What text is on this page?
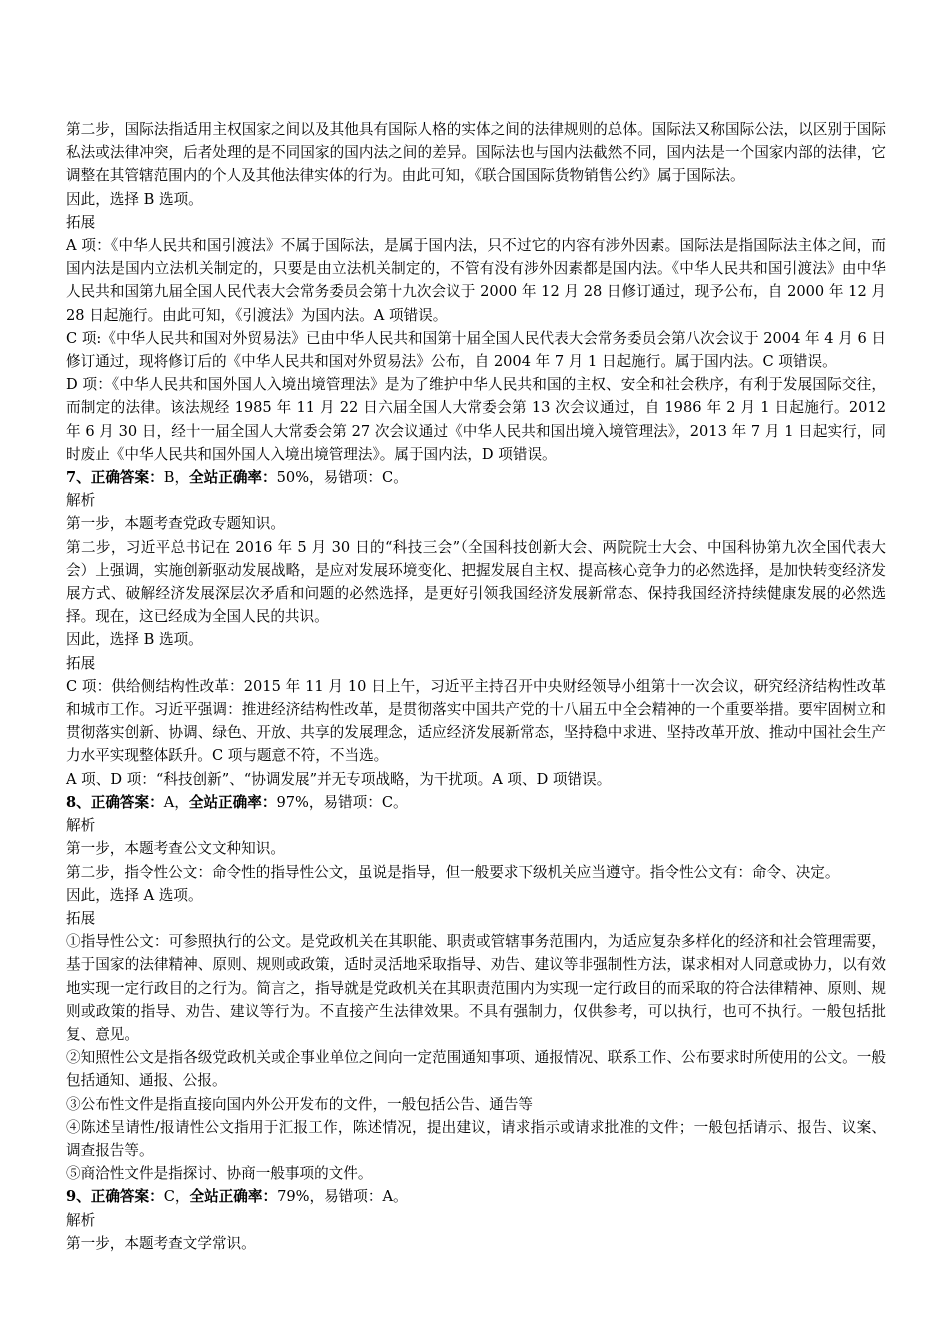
第二步，国际法指适用主权国家之间以及其他具有国际人格的实体之间的法律规则的总体。国际法又称国际公法，以区别于国际私法或法律冲突，后者处理的是不同国家的国内法之间的差异。国际法也与国内法截然不同，国内法是一个国家内部的法律，它调整在其管辖范围内的个人及其他法律实体的行为。由此可知，《联合国国际货物销售公约》属于国际法。

因此，选择 B 选项。

拓展

A 项：《中华人民共和国引渡法》不属于国际法，是属于国内法，只不过它的内容有涉外因素。国际法是指国际法主体之间，而国内法是国内立法机关制定的，只要是由立法机关制定的，不管有没有涉外因素都是国内法。《中华人民共和国引渡法》由中华人民共和国第九届全国人民代表大会常务委员会第十九次会议于 2000 年 12 月 28 日修订通过，现予公布，自 2000 年 12 月 28 日起施行。由此可知，《引渡法》为国内法。A 项错误。

C 项:《中华人民共和国对外贸易法》已由中华人民共和国第十届全国人民代表大会常务委员会第八次会议于 2004 年 4 月 6 日修订通过，现将修订后的《中华人民共和国对外贸易法》公布，自 2004 年 7 月 1 日起施行。属于国内法。C 项错误。

D 项：《中华人民共和国外国人入境出境管理法》是为了维护中华人民共和国的主权、安全和社会秩序，有利于发展国际交往，而制定的法律。该法规经 1985 年 11 月 22 日六届全国人大常委会第 13 次会议通过，自 1986 年 2 月 1 日起施行。2012 年 6 月 30 日，经十一届全国人大常委会第 27 次会议通过《中华人民共和国出境入境管理法》，2013 年 7 月 1 日起实行，同时废止《中华人民共和国外国人入境出境管理法》。属于国内法，D 项错误。

7、正确答案：B，全站正确率：50%，易错项：C。

解析

第一步，本题考查党政专题知识。

第二步，习近平总书记在 2016 年 5 月 30 日的“科技三会”（全国科技创新大会、两院院士大会、中国科协第九次全国代表大会）上强调，实施创新驱动发展战略，是应对发展环境变化、把握发展自主权、提高核心竞争力的必然选择，是加快转变经济发展方式、破解经济发展深层次矛盾和问题的必然选择，是更好引领我国经济发展新常态、保持我国经济持续健康发展的必然选择。现在，这已经成为全国人民的共识。

因此，选择 B 选项。

拓展

C 项：供给侧结构性改革：2015 年 11 月 10 日上午，习近平主持召开中央财经领导小组第十一次会议，研究经济结构性改革和城市工作。习近平强调：推进经济结构性改革，是贯彻落实中国共产党的十八届五中全会精神的一个重要举措。要牢固树立和贯彻落实创新、协调、绿色、开放、共享的发展理念，适应经济发展新常态，坚持稳中求进、坚持改革开放、推动中国社会生产力水平实现整体跃升。C 项与题意不符，不当选。

A 项、D 项：“科技创新”、“协调发展”并无专项战略，为干扰项。A 项、D 项错误。

8、正确答案：A，全站正确率：97%，易错项：C。

解析

第一步，本题考查公文文种知识。

第二步，指令性公文：命令性的指导性公文，虽说是指导，但一般要求下级机关应当遵守。指令性公文有：命令、决定。

因此，选择 A 选项。

拓展

①指导性公文：可参照执行的公文。是党政机关在其职能、职责或管辖事务范围内，为适应复杂多样化的经济和社会管理需要，基于国家的法律精神、原则、规则或政策，适时灵活地采取指导、劝告、建议等非强制性方法，谋求相对人同意或协力，以有效地实现一定行政目的之行为。简言之，指导就是党政机关在其职责范围内为实现一定行政目的而采取的符合法律精神、原则、规则或政策的指导、劝告、建议等行为。不直接产生法律效果。不具有强制力，仅供参考，可以执行，也可不执行。一般包括批复、意见。

②知照性公文是指各级党政机关或企事业单位之间向一定范围通知事项、通报情况、联系工作、公布要求时所使用的公文。一般包括通知、通报、公报。

③公布性文件是指直接向国内外公开发布的文件，一般包括公告、通告等

④陈述呈请性/报请性公文指用于汇报工作，陈述情况，提出建议，请求指示或请求批准的文件；一般包括请示、报告、议案、调查报告等。

⑤商洽性文件是指探讨、协商一般事项的文件。

9、正确答案：C，全站正确率：79%，易错项：A。

解析

第一步，本题考查文学常识。
